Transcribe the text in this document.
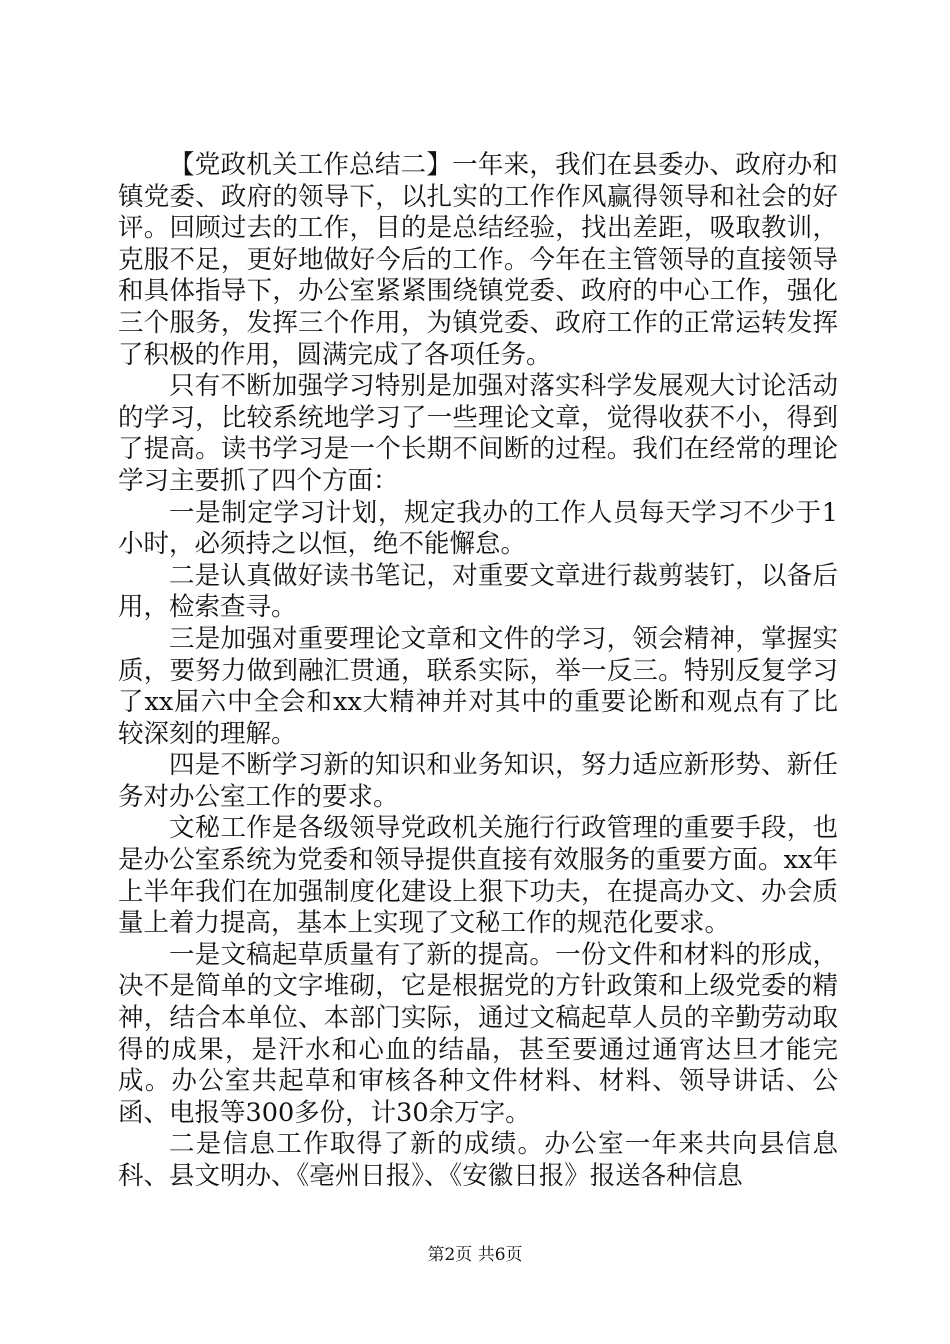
【党政机关工作总结二】一年来，我们在县委办、政府办和镇党委、政府的领导下，以扎实的工作作风赢得领导和社会的好评。回顾过去的工作，目的是总结经验，找出差距，吸取教训，克服不足，更好地做好今后的工作。今年在主管领导的直接领导和具体指导下，办公室紧紧围绕镇党委、政府的中心工作，强化三个服务，发挥三个作用，为镇党委、政府工作的正常运转发挥了积极的作用，圆满完成了各项任务。

只有不断加强学习特别是加强对落实科学发展观大讨论活动的学习，比较系统地学习了一些理论文章，觉得收获不小，得到了提高。读书学习是一个长期不间断的过程。我们在经常的理论学习主要抓了四个方面：

一是制定学习计划，规定我办的工作人员每天学习不少于1小时，必须持之以恒，绝不能懈怠。

二是认真做好读书笔记，对重要文章进行裁剪装钉，以备后用，检索查寻。

三是加强对重要理论文章和文件的学习，领会精神，掌握实质，要努力做到融汇贯通，联系实际，举一反三。特别反复学习了xx届六中全会和xx大精神并对其中的重要论断和观点有了比较深刻的理解。

四是不断学习新的知识和业务知识，努力适应新形势、新任务对办公室工作的要求。

文秘工作是各级领导党政机关施行行政管理的重要手段，也是办公室系统为党委和领导提供直接有效服务的重要方面。xx年上半年我们在加强制度化建设上狠下功夫，在提高办文、办会质量上着力提高，基本上实现了文秘工作的规范化要求。

一是文稿起草质量有了新的提高。一份文件和材料的形成，决不是简单的文字堆砌，它是根据党的方针政策和上级党委的精神，结合本单位、本部门实际，通过文稿起草人员的辛勤劳动取得的成果，是汗水和心血的结晶，甚至要通过通宵达旦才能完成。办公室共起草和审核各种文件材料、材料、领导讲话、公函、电报等300多份，计30余万字。

二是信息工作取得了新的成绩。办公室一年来共向县信息科、县文明办、《亳州日报》、《安徽日报》报送各种信息

第2页 共6页
